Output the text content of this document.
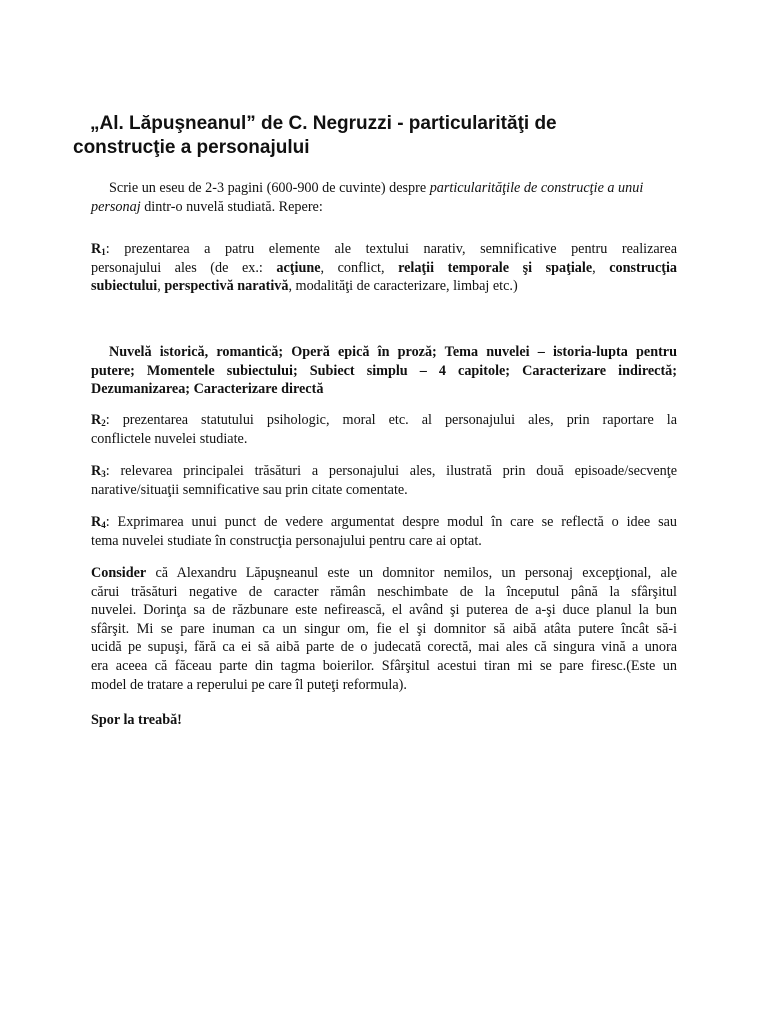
„Al. Lăpuşneanul” de C. Negruzzi - particularităţi de
construcţie a personajului

Scrie un eseu de 2-3 pagini (600-900 de cuvinte) despre particularităţile de construcţie a unui
personaj dintr-o nuvelă studiată. Repere:

$R_1$: prezentarea a patru elemente ale textului narativ, semnificative pentru realizarea
personajului ales (de ex.: acţiune, conflict, relaţii temporale şi spaţiale, construcţia
subiectului, perspectivă narativă, modalităţi de caracterizare, limbaj etc.)

Nuvelă istorică, romantică; Operă epică în proză; Tema nuvelei – istoria-lupta pentru
putere; Momentele subiectului; Subiect simplu – 4 capitole; Caracterizare indirectă;
Dezumanizarea; Caracterizare directă

$R_2$: prezentarea statutului psihologic, moral etc. al personajului ales, prin raportare la
conflictele nuvelei studiate.

$R_3$: relevarea principalei trăsături a personajului ales, ilustrată prin două episoade/secvenţe
narative/situaţii semnificative sau prin citate comentate.

$R_4$: Exprimarea unui punct de vedere argumentat despre modul în care se reflectă o idee sau
tema nuvelei studiate în construcţia personajului pentru care ai optat.

Consider că Alexandru Lăpuşneanul este un domnitor nemilos, un personaj excepţional, ale
cărui trăsături negative de caracter rămân neschimbate de la începutul până la sfârşitul
nuvelei. Dorinţa sa de răzbunare este nefirească, el având şi puterea de a-şi duce planul la bun
sfârşit. Mi se pare inuman ca un singur om, fie el şi domnitor să aibă atâta putere încât să-i
ucidă pe supuşi, fără ca ei să aibă parte de o judecată corectă, mai ales că singura vină a unora
era aceea că făceau parte din tagma boierilor. Sfârşitul acestui tiran mi se pare firesc.(Este un
model de tratare a reperului pe care îl puteţi reformula).

Spor la treabă!
